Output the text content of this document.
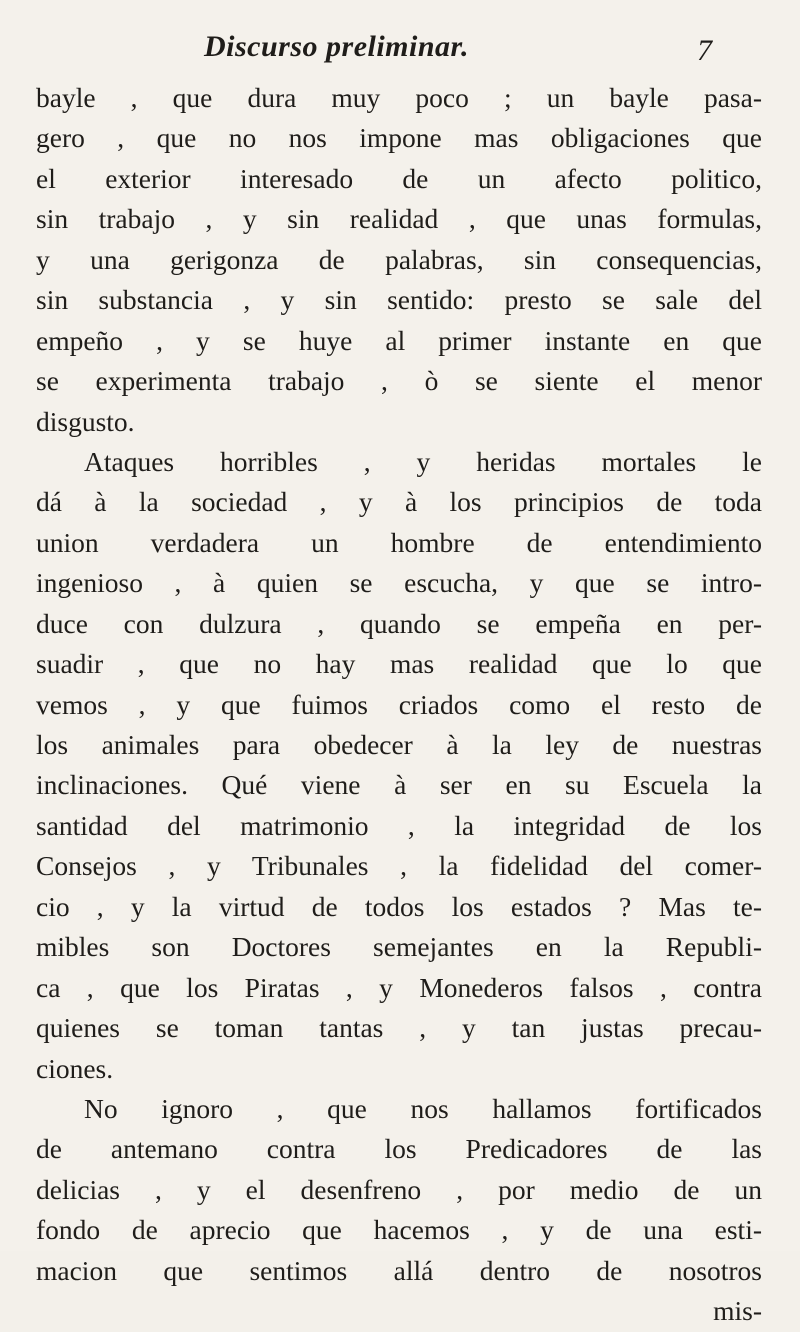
Discurso preliminar.	7
bayle , que dura muy poco ; un bayle pasa-
gero , que no nos impone mas obligaciones que
el exterior interesado de un afecto politico,
sin trabajo , y sin realidad , que unas formulas,
y una gerigonza de palabras, sin consequencias,
sin substancia , y sin sentido: presto se sale del
empeño , y se huye al primer instante en que
se experimenta trabajo , ò se siente el menor
disgusto.
Ataques horribles , y heridas mortales le
dá à la sociedad , y à los principios de toda
union verdadera un hombre de entendimiento
ingenioso , à quien se escucha, y que se intro-
duce con dulzura , quando se empeña en per-
suadir , que no hay mas realidad que lo que
vemos , y que fuimos criados como el resto de
los animales para obedecer à la ley de nuestras
inclinaciones. Qué viene à ser en su Escuela la
santidad del matrimonio , la integridad de los
Consejos , y Tribunales , la fidelidad del comer-
cio , y la virtud de todos los estados ? Mas te-
mibles son Doctores semejantes en la Republi-
ca , que los Piratas , y Monederos falsos , contra
quienes se toman tantas , y tan justas precau-
ciones.
No ignoro , que nos hallamos fortificados
de antemano contra los Predicadores de las
delicias , y el desenfreno , por medio de un
fondo de aprecio que hacemos , y de una esti-
macion que sentimos allá dentro de nosotros
mis-
